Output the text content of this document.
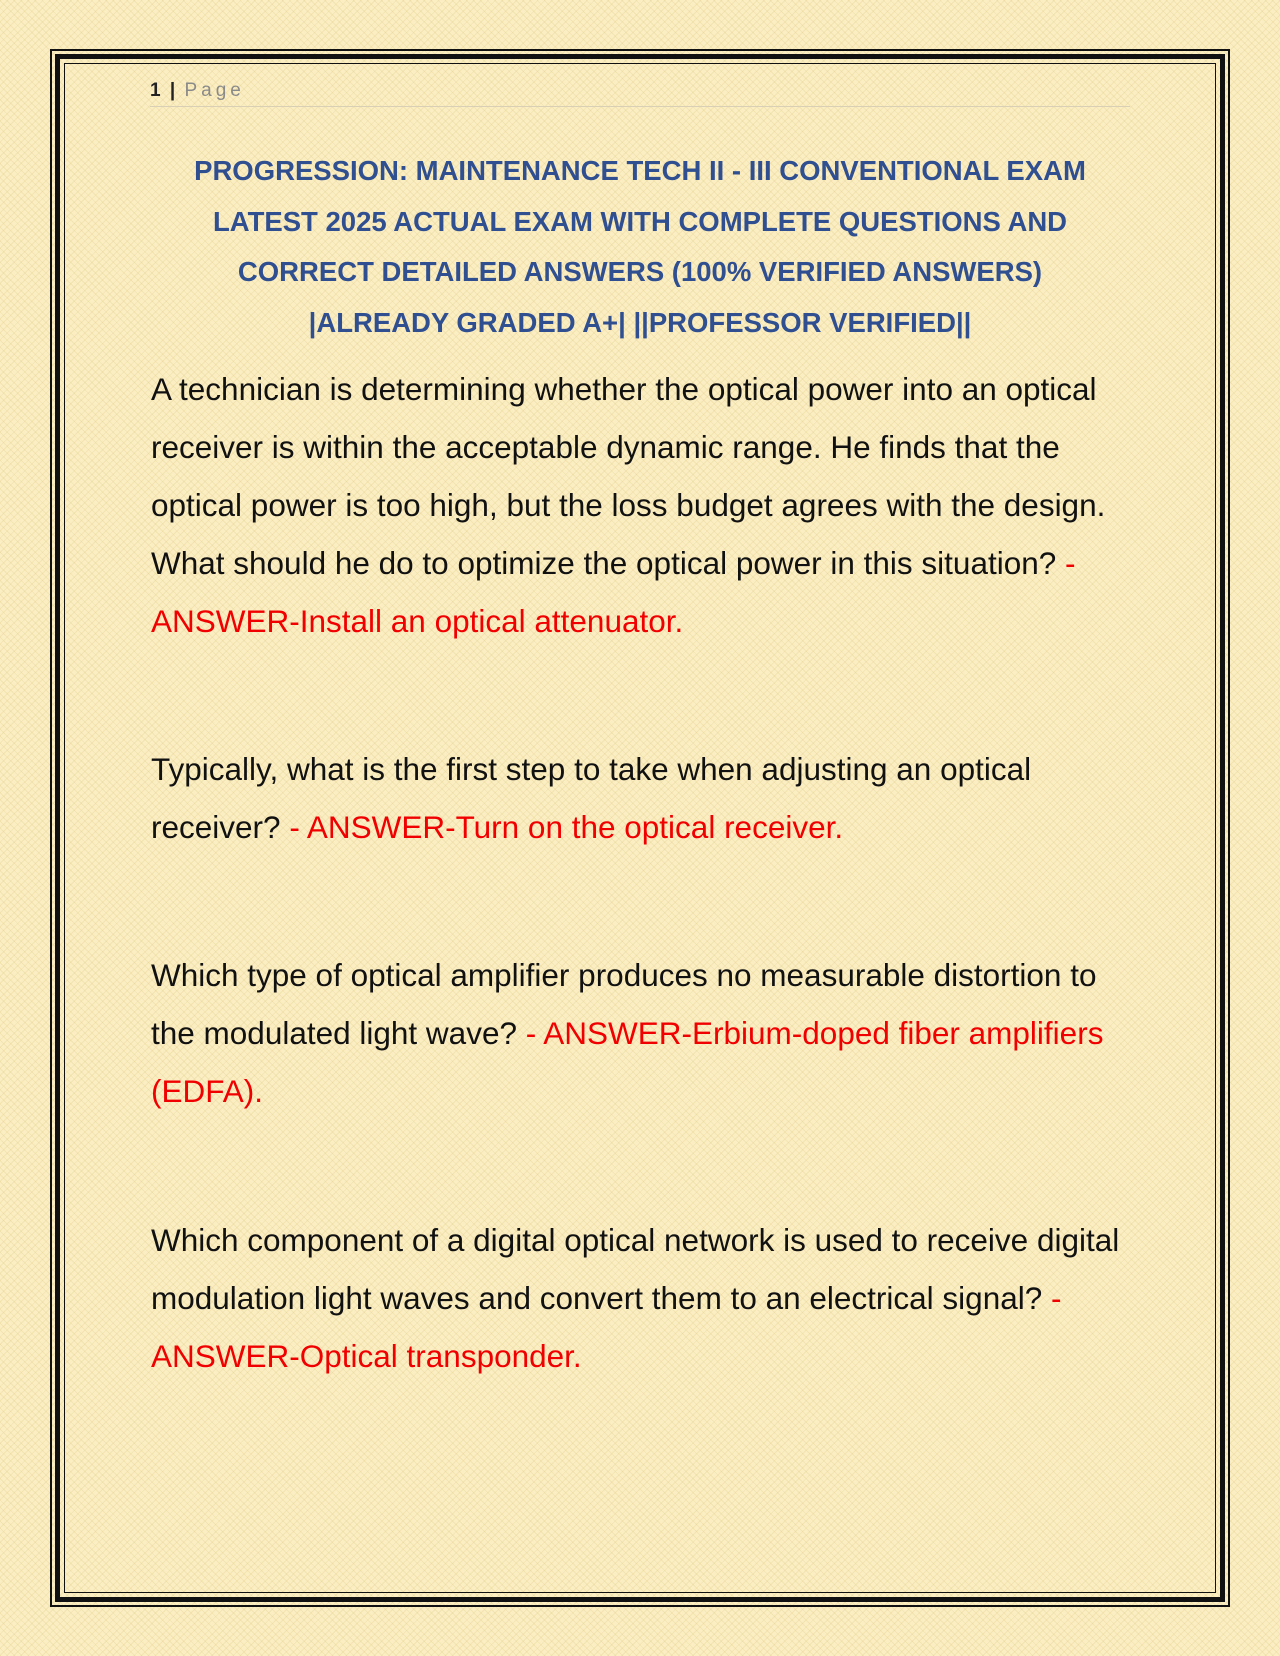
1 | Page
PROGRESSION: MAINTENANCE TECH II - III CONVENTIONAL EXAM
LATEST 2025 ACTUAL EXAM WITH COMPLETE QUESTIONS AND
CORRECT DETAILED ANSWERS (100% VERIFIED ANSWERS)
|ALREADY GRADED A+| ||PROFESSOR VERIFIED||
A technician is determining whether the optical power into an optical receiver is within the acceptable dynamic range. He finds that the optical power is too high, but the loss budget agrees with the design. What should he do to optimize the optical power in this situation? - ANSWER-Install an optical attenuator.
Typically, what is the first step to take when adjusting an optical receiver? - ANSWER-Turn on the optical receiver.
Which type of optical amplifier produces no measurable distortion to the modulated light wave? - ANSWER-Erbium-doped fiber amplifiers (EDFA).
Which component of a digital optical network is used to receive digital modulation light waves and convert them to an electrical signal? - ANSWER-Optical transponder.
